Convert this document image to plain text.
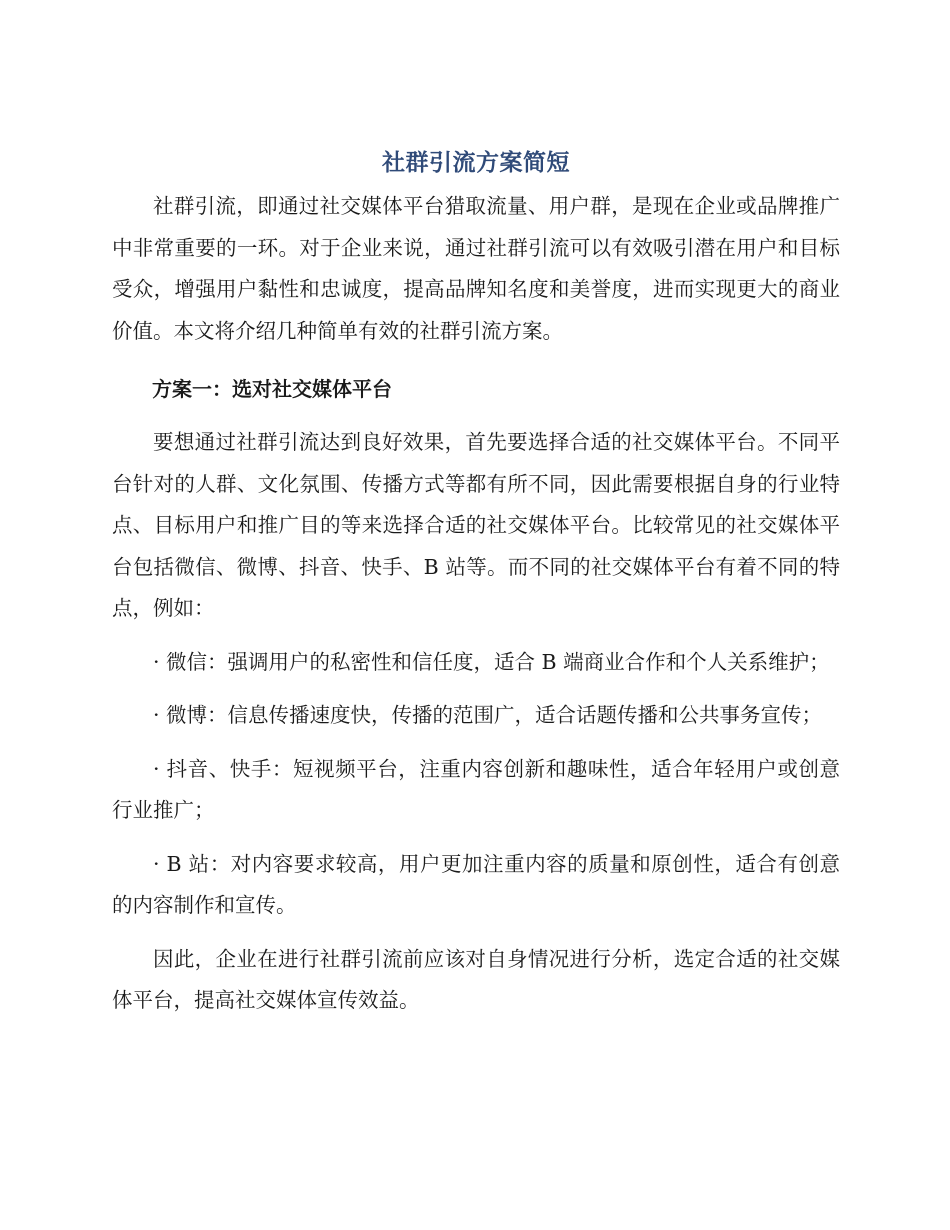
社群引流方案简短

社群引流，即通过社交媒体平台猎取流量、用户群，是现在企业或品牌推广中非常重要的一环。对于企业来说，通过社群引流可以有效吸引潜在用户和目标受众，增强用户黏性和忠诚度，提高品牌知名度和美誉度，进而实现更大的商业价值。本文将介绍几种简单有效的社群引流方案。

方案一：选对社交媒体平台

要想通过社群引流达到良好效果，首先要选择合适的社交媒体平台。不同平台针对的人群、文化氛围、传播方式等都有所不同，因此需要根据自身的行业特点、目标用户和推广目的等来选择合适的社交媒体平台。比较常见的社交媒体平台包括微信、微博、抖音、快手、B 站等。而不同的社交媒体平台有着不同的特点，例如：

· 微信：强调用户的私密性和信任度，适合 B 端商业合作和个人关系维护；

· 微博：信息传播速度快，传播的范围广，适合话题传播和公共事务宣传；

· 抖音、快手：短视频平台，注重内容创新和趣味性，适合年轻用户或创意行业推广；

· B 站：对内容要求较高，用户更加注重内容的质量和原创性，适合有创意的内容制作和宣传。

因此，企业在进行社群引流前应该对自身情况进行分析，选定合适的社交媒体平台，提高社交媒体宣传效益。
